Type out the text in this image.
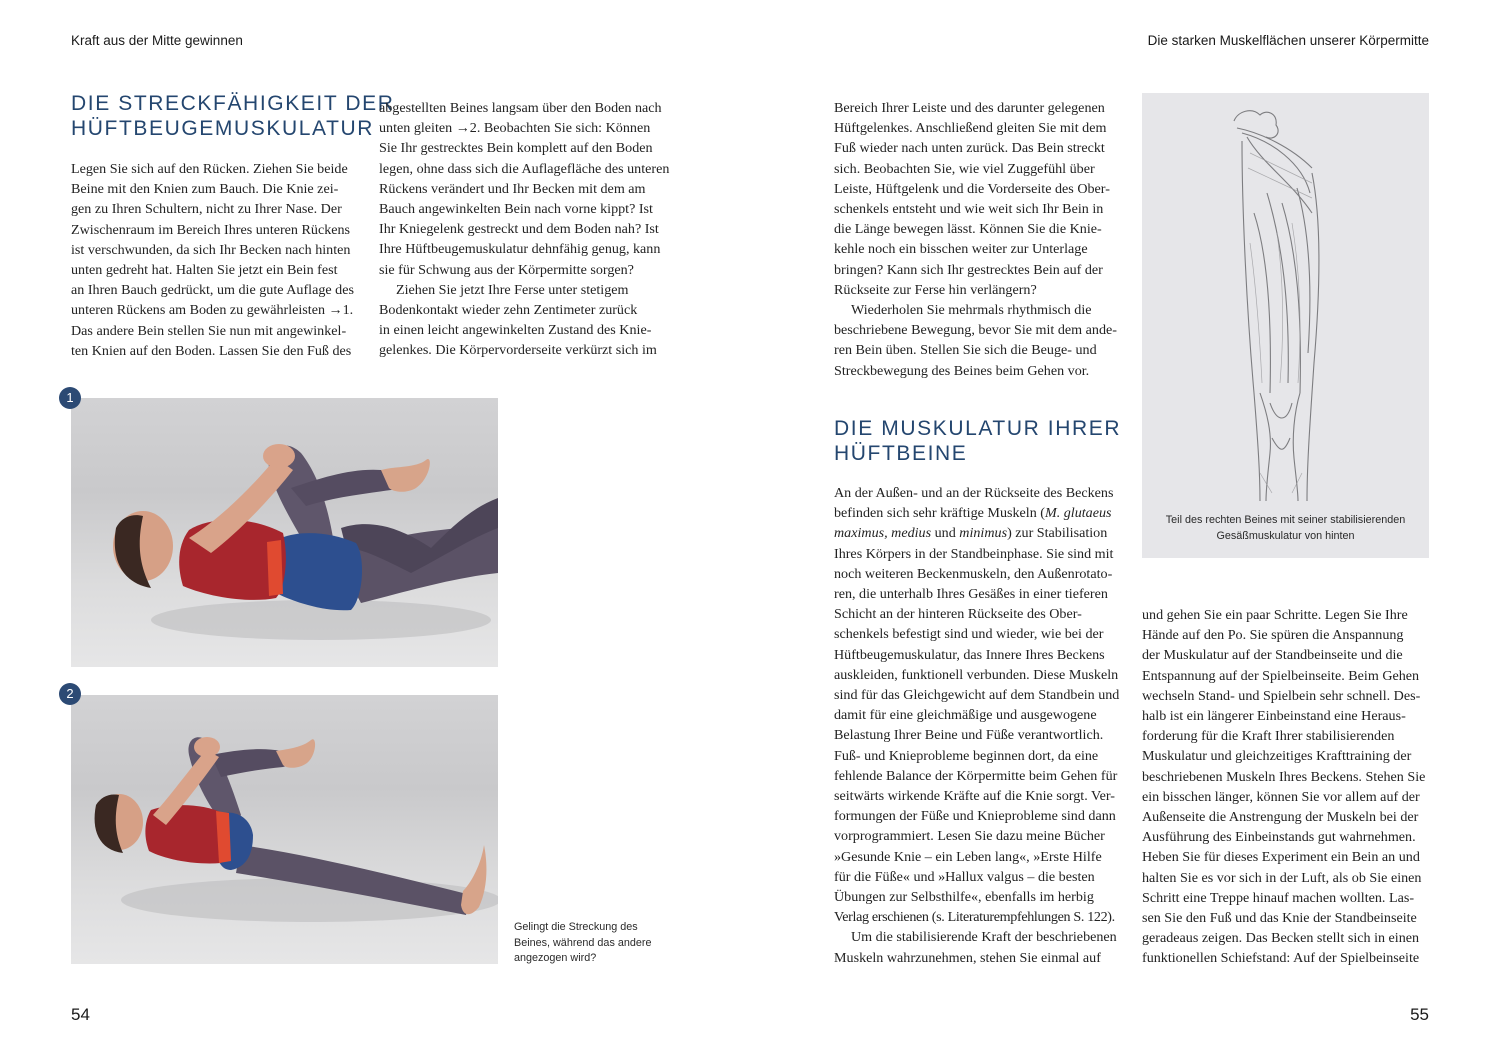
Kraft aus der Mitte gewinnen	Die starken Muskelflächen unserer Körpermitte
DIE STRECKFÄHIGKEIT DER
HÜFTBEUGEMUSKULATUR

Legen Sie sich auf den Rücken. Ziehen Sie beide
Beine mit den Knien zum Bauch. Die Knie zei-
gen zu Ihren Schultern, nicht zu Ihrer Nase. Der
Zwischenraum im Bereich Ihres unteren Rückens
ist verschwunden, da sich Ihr Becken nach hinten
unten gedreht hat. Halten Sie jetzt ein Bein fest
an Ihren Bauch gedrückt, um die gute Auflage des
unteren Rückens am Boden zu gewährleisten →1.
Das andere Bein stellen Sie nun mit angewinkel-
ten Knien auf den Boden. Lassen Sie den Fuß des

abgestellten Beines langsam über den Boden nach
unten gleiten →2. Beobachten Sie sich: Können
Sie Ihr gestrecktes Bein komplett auf den Boden
legen, ohne dass sich die Auflagefläche des unteren
Rückens verändert und Ihr Becken mit dem am
Bauch angewinkelten Bein nach vorne kippt? Ist
Ihr Kniegelenk gestreckt und dem Boden nah? Ist
Ihre Hüftbeugemuskulatur dehnfähig genug, kann
sie für Schwung aus der Körpermitte sorgen?

Ziehen Sie jetzt Ihre Ferse unter stetigem
Bodenkontakt wieder zehn Zentimeter zurück
in einen leicht angewinkelten Zustand des Knie-
gelenkes. Die Körpervorderseite verkürzt sich im

1
2
Gelingt die Streckung des
Beines, während das andere
angezogen wird?
54

Bereich Ihrer Leiste und des darunter gelegenen
Hüftgelenkes. Anschließend gleiten Sie mit dem
Fuß wieder nach unten zurück. Das Bein streckt
sich. Beobachten Sie, wie viel Zuggefühl über
Leiste, Hüftgelenk und die Vorderseite des Ober-
schenkels entsteht und wie weit sich Ihr Bein in
die Länge bewegen lässt. Können Sie die Knie-
kehle noch ein bisschen weiter zur Unterlage
bringen? Kann sich Ihr gestrecktes Bein auf der
Rückseite zur Ferse hin verlängern?

Wiederholen Sie mehrmals rhythmisch die
beschriebene Bewegung, bevor Sie mit dem ande-
ren Bein üben. Stellen Sie sich die Beuge- und
Streckbewegung des Beines beim Gehen vor.

DIE MUSKULATUR IHRER
HÜFTBEINE

An der Außen- und an der Rückseite des Beckens
befinden sich sehr kräftige Muskeln (M. glutaeus
maximus, medius und minimus) zur Stabilisation
Ihres Körpers in der Standbeinphase. Sie sind mit
noch weiteren Beckenmuskeln, den Außenrotato-
ren, die unterhalb Ihres Gesäßes in einer tieferen
Schicht an der hinteren Rückseite des Ober-
schenkels befestigt sind und wieder, wie bei der
Hüftbeugemuskulatur, das Innere Ihres Beckens
auskleiden, funktionell verbunden. Diese Muskeln
sind für das Gleichgewicht auf dem Standbein und
damit für eine gleichmäßige und ausgewogene
Belastung Ihrer Beine und Füße verantwortlich.
Fuß- und Knieprobleme beginnen dort, da eine
fehlende Balance der Körpermitte beim Gehen für
seitwärts wirkende Kräfte auf die Knie sorgt. Ver-
formungen der Füße und Knieprobleme sind dann
vorprogrammiert. Lesen Sie dazu meine Bücher
»Gesunde Knie – ein Leben lang«, »Erste Hilfe
für die Füße« und »Hallux valgus – die besten
Übungen zur Selbsthilfe«, ebenfalls im herbig
Verlag erschienen (s. Literaturempfehlungen S. 122).

Um die stabilisierende Kraft der beschriebenen
Muskeln wahrzunehmen, stehen Sie einmal auf

Teil des rechten Beines mit seiner stabilisierenden
Gesäßmuskulatur von hinten

und gehen Sie ein paar Schritte. Legen Sie Ihre
Hände auf den Po. Sie spüren die Anspannung
der Muskulatur auf der Standbeinseite und die
Entspannung auf der Spielbeinseite. Beim Gehen
wechseln Stand- und Spielbein sehr schnell. Des-
halb ist ein längerer Einbeinstand eine Heraus-
forderung für die Kraft Ihrer stabilisierenden
Muskulatur und gleichzeitiges Krafttraining der
beschriebenen Muskeln Ihres Beckens. Stehen Sie
ein bisschen länger, können Sie vor allem auf der
Außenseite die Anstrengung der Muskeln bei der
Ausführung des Einbeinstands gut wahrnehmen.
Heben Sie für dieses Experiment ein Bein an und
halten Sie es vor sich in der Luft, als ob Sie einen
Schritt eine Treppe hinauf machen wollten. Las-
sen Sie den Fuß und das Knie der Standbeinseite
geradeaus zeigen. Das Becken stellt sich in einen
funktionellen Schiefstand: Auf der Spielbeinseite

55
